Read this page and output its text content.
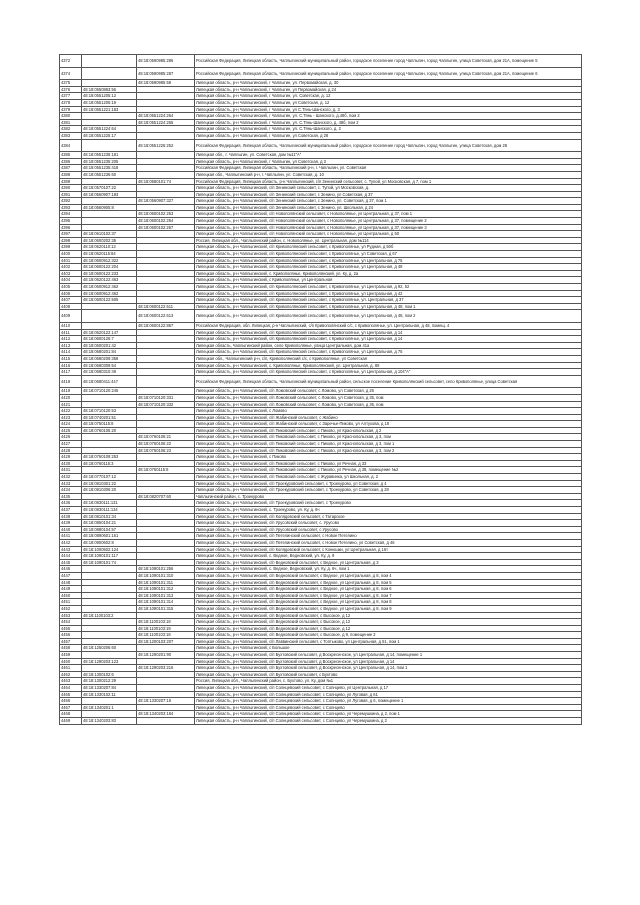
4372		48:18:0590985:286	Российская Федерация, Липецкая область, Чаплыгинский муниципальный район, городское поселение город Чаплыгин, город Чаплыгин, улица Советская, дом 21А, помещение 5
4374		48:18:0590985:287	Российская Федерация, Липецкая область, Чаплыгинский муниципальный район, городское поселение город Чаплыгин, город Чаплыгин, улица Советская, дом 21А, помещение 6
4375		48:18:0590985:58	Липецкая область, р-н Чаплыгинский, г Чаплыгин, ул. Первомайская, д. 30
4376	48:18:0550893:56		Липецкая область, р-н Чаплыгинский, г Чаплыгин, ул Первомайская, д 24
4377	48:18:0551205:12		Липецкая область, р-н Чаплыгинский, г Чаплыгин, ул. Советская, д. 12
4378	48:18:0551205:19		Липецкая область, р-н Чаплыгинский, г Чаплыгин, ул Советская, д. 12
4379	48:18:0551221:183		Липецкая область, р-н Чаплыгинский, г Чаплыгин, ул С.Тянь-Шанского, д. 3
4380		48:18:0551224:264	Липецкая область, р-н Чаплыгинский, г Чаплыгин, ул. С.Тянь - Шанского, д.48б, пом 2
4381		48:18:0551224:265	Липецкая область, р-н Чаплыгинский, г Чаплыгин, ул. С.Тянь-Шанского, д. 48б, пом 2
4382	48:18:0551224:64		Липецкая область, р-н Чаплыгинский, г Чаплыгин, ул. С.Тянь-Шанского, д. 2
4383	48:18:0551225:17		Липецкая область, р-н Чаплыгинский, г Чаплыгин, ул Советская, д 28
4384		48:18:0551225:252	Российская Федерация, Липецкая область, Чаплыгинский муниципальный район, городское поселение город Чаплыгин, город Чаплыгин, улица Советская, дом 28
4385	48:18:0551235:181		Липецкая обл., г. Чаплыгин, ул. Советская, дом №11"А"
4386	48:18:0551235:205		Липецкая область, р-н Чаплыгинский, г Чаплыгин, ул Советская, д 3
4387	48:18:0551235:418		Российская Федерация, Липецкая область, Чаплыгинский р-н, г. Чаплыгин, ул. Советская
4388	48:18:0551236:60		Липецкая обл., Чаплыгинский р-н, г. Чаплыгин, ул. Советская, д. 10
4389		48:18:0580101:74	Российская Федерация, Липецкая область, р-н Чаплыгинский, с/п Зенинский сельсовет, с. Тупой, ул Московская, д 7, пом 1
4390	48:18:0570107:22		Липецкая область, р-н Чаплыгинский, с/п Зенинский сельсовет, с. Тупой, ул Московская, д.
4391	48:18:0560907:193		Липецкая область, р-н Чаплыгинский, с/п Зенинский сельсовет, с Зенино, ул Советская, д 37
4392		48:18:0560907:327	Липецкая область, р-н Чаплыгинский, с/п Зенинский сельсовет, с Зенино, ул. Советская, д 37, пом 1
4393	48:18:0560905:8		Липецкая область, р-н Чаплыгинский, с/п Зенинский сельсовет, с Зенино, ул. Школьная, д 24
4394		48:18:0600102:253	Липецкая область, р-н Чаплыгинский, с/п Новополянский сельсовет, с Новополянье, ул Центральная, д 37, пом 1
4395		48:18:0600102:254	Липецкая область, р-н Чаплыгинский, с/п Новополянский сельсовет, с Новополянье, ул Центральная, д 37, помещение 2
4396		48:18:0600102:257	Липецкая область, р-н Чаплыгинский, с/п Новополянский сельсовет, с Новополянье, ул Центральная, д 37, помещение 3
4397	48:18:0610102:37		Липецкая область, р-н Чаплыгинский, с/п Новополянский сельсовет, с Новополянье, ул Центральная, д 50
4398	48:18:0600202:35		Россия, Липецкая обл., Чаплыгинский район, с. Новополянье, ул. Центральная, дом №114
4399	48:18:0620110:13		Липецкая область, р-н Чаплыгинский, с/п Кривополянский сельсовет, с Кривополянье, ул Рудная, д 50б
4400	48:18:0620115:84		Липецкая область, р-н Чаплыгинский, с/п Кривополянский сельсовет, с Кривополянье, ул Советская, д 67
4401	48:18:0600912:322		Липецкая область, р-н Чаплыгинский, с/п Кривополянский сельсовет, с Кривополянье, ул Центральная, д 75
4402	48:18:0600122:204		Липецкая область, р-н Чаплыгинский, с/п Кривополянский сельсовет, с Кривополянье, ул Центральная, д 48
4403	48:18:0600122:233		Липецкая область, р-н Чаплыгинский, с. Кривополянье, Кривополянский, ул. Ку, д. 2а
4404	48:18:0620122:463		Липецкая область, р-н Чаплыгинский, с Кривополянье, ул Центральная
4405	48:18:0600912:462		Липецкая область, р-н Чаплыгинский, с/п Кривополянский сельсовет, с Кривополянье, ул Центральная, д 92, 52
4406	48:18:0600912:462		Липецкая область, р-н Чаплыгинский, с/п Кривополянский сельсовет, с Кривополянье, ул Центральная, д 42
4407	48:18:0600122:505		Липецкая область, р-н Чаплыгинский, с/п Кривополянский сельсовет, с Кривополянье, ул. Центральная, д 37
4408		48:18:0600122:611	Липецкая область, р-н Чаплыгинский, с/п Кривополянский сельсовет, с Кривополянье, ул Центральная, д 48, пом 1
4409		48:18:0600122:613	Липецкая область, р-н Чаплыгинский, с/п Кривополянский сельсовет, с Кривополянье, ул Центральная, д 48, пом 2
4410		48:18:0600122:867	Российская Федерация, обл. Липецкая, р-н Чаплыгинский, с/п Кривополянский с/с, с Кривополянье, ул. Центральная, д 48, помещ. 4
4411	48:18:0620122:147		Липецкая область, р-н Чаплыгинский, с/п Кривополянский сельсовет, с Кривополянье, ул Центральная, д 14
4412	48:18:0600126:7		Липецкая область, р-н Чаплыгинский, с/п Кривополянский сельсовет, с Кривополянье, ул Центральная, д 14
4413	48:18:0600201:42		Липецкая область, Чаплыгинский район, село Кривополянье, улица Центральная, дом 41а
4414	48:18:0680201:84		Липецкая область, р-н Чаплыгинский, с/п Кривополянский сельсовет, с Кривополянье, ул Центральная, д 75
4415	48:18:0680209:358		Липецкая обл., Чаплыгинский р-н, с/п, Кривополянский с/с, с Кривополянье, ул Советская
4416	48:18:0680309:54		Липецкая область, р-н Чаплыгинский, с. Кривополянье, Кривополянский, ул. Центральная, д. 89
4417	48:18:0680310:49		Липецкая область, р-н Чаплыгинский, с/п Кривополянский сельсовет, с Кривополянье, ул Центральная, д 104"А"
4418	48:18:0680411:447		Российская Федерация, Липецкая область, Чаплыгинский муниципальный район, сельское поселение Кривополянский сельсовет, село Кривополянье, улица Советская
4419	48:18:0710120:245		Липецкая область, р-н Чаплыгинский, с/п Ломовский сельсовет, с Ломово, ул Советская, д 26
4420		48:18:0710120:331	Липецкая область, р-н Чаплыгинский, с/п Ломовский сельсовет, с Ломово, ул Советская, д 35, пом
4421		48:18:0710120:332	Липецкая область, р-н Чаплыгинский, с/п Ломовский сельсовет, с Ломово, ул Советская, д 35, пом
4422	48:18:0710120:53		Липецкая область, р-н Чаплыгинский, с Ломово
4423	48:18:0740201:51		Липецкая область, р-н Чаплыгинский, с/п Жабинский сельсовет, с Жабино
4424	48:18:0750115:8		Липецкая область, р-н Чаплыгинский, с/п Жабинский сельсовет, с Заречье-Пиково, ул Алтухова, д 18
4425	48:18:0760105:20		Липецкая область, р-н Чаплыгинский, с/п Пиковский сельсовет, с Пиково, ул Краснопольская, д 2
4426		48:18:0760106:21	Липецкая область, р-н Чаплыгинский, с/п Пиковский сельсовет, с Пиково, ул Краснопольская, д 3, пом
4427		48:18:0760106:22	Липецкая область, р-н Чаплыгинский, с/п Пиковский сельсовет, с Пиково, ул Краснопольская, д 3, пом 1
4428		48:18:0760106:23	Липецкая область, р-н Чаплыгинский, с/п Пиковский сельсовет, с Пиково, ул Краснопольская, д 3, пом 2
4429	48:18:0760109:253		Липецкая область, р-н Чаплыгинский, с Пиково
4430	48:18:0760115:3		Липецкая область, р-н Чаплыгинский, с/п Пиковский сельсовет, с Пиково, ул Речная, д 33
4431		48:18:0760115:8	Липецкая область, р-н Чаплыгинский, с/п Пиковский сельсовет, с Пиково, ул Речная, д 38, помещение №2
4432	48:18:0770107:12		Липецкая область, р-н Чаплыгинский, с/п Пиковский сельсовет, с Журавинка, ул Школьная, д. 2
4433	48:18:0810301:22		Липецкая область, р-н Чаплыгинский, с/п Троекуровский сельсовет, с Троекурово, ул Советская, д 4
4434	48:18:0810306:20		Липецкая область, р-н Чаплыгинский, с/п Троекуровский сельсовет, с Троекурово, ул Советская, д 28
4435		48:18:0820707:60	Чаплыгинский район, с. Троекурово
4436	48:18:0830111:131		Липецкая область, р-н Чаплыгинский, с/п Троекуровский сельсовет, с Троекурово
4437	48:18:0830111:134		Липецкая область, р-н Чаплыгинский, с. Троекурово, ул. Ку, д. 6ч
4438	48:18:0810101:34		Липецкая область, р-н Чаплыгинский, с/п Колядовский сельсовет, с Татарское
4439	48:18:0850104:21		Липецкая область, р-н Чаплыгинский, с/п Урусовский сельсовет, с. Урусово
4440	48:18:0880104:57		Липецкая область, р-н Чаплыгинский, с/п Урусовский сельсовет, с Урусово
4441	48:18:0890601:161		Липецкая область, р-н Чаплыгинский, с/п Петелинский сельсовет, с Новое Петелино
4442	48:18:0900602:8		Липецкая область, р-н Чаплыгинский, с/п Петелинский сельсовет, с Новое Петелино, ул Советская, д 46
4443	48:18:1000502:124		Липецкая область, р-н Чаплыгинский, с/п Колядовский сельсовет, с Конюшки, ул Центральная, д 16т
4444	48:18:1090101:117		Липецкая область, р-н Чаплыгинский, с. Ведное, Ведновский, ул. Ку, д. 9
4445	48:18:1090101:74		Липецкая область, р-н Чаплыгинский, с/п Ведновский сельсовет, с Ведное, ул Центральная, д 3
4446		48:18:1090101:256	Липецкая область, р-н Чаплыгинский, с. Ведное, Ведновский, ул. Ку, д. 6ч, пом 1
4447		48:18:1090101:310	Липецкая область, р-н Чаплыгинский, с/п Ведновский сельсовет, с Ведное, ул Центральная, д 8, пом 4
4448		48:18:1090101:311	Липецкая область, р-н Чаплыгинский, с/п Ведновский сельсовет, с Ведное, ул Центральная, д 8, пом 5
4449		48:18:1090101:312	Липецкая область, р-н Чаплыгинский, с/п Ведновский сельсовет, с Ведное, ул Центральная, д 8, пом 6
4450		48:18:1090101:313	Липецкая область, р-н Чаплыгинский, с/п Ведновский сельсовет, с Ведное, ул Центральная, д 8, пом 7
4451		48:18:1090101:314	Липецкая область, р-н Чаплыгинский, с/п Ведновский сельсовет, с Ведное, ул Центральная, д 8, пом 8
4452		48:18:1090101:315	Липецкая область, р-н Чаплыгинский, с/п Ведновский сельсовет, с Ведное, ул Центральная, д 8, пом 9
4453	48:18:1100103:2		Липецкая область, р-н Чаплыгинский, с/п Ведновский сельсовет, с Высокое, д 12
4454		48:18:1100103:18	Липецкая область, р-н Чаплыгинский, с/п Ведновский сельсовет, с Высокое, д 12
4455		48:18:1100103:19	Липецкая область, р-н Чаплыгинский, с/п Ведновский сельсовет, с Высокое, д 12
4456		48:18:1100103:18	Липецкая область, р-н Чаплыгинский, с/п Ведновский сельсовет, с Высокое, д 9, помещение 2
4457		48:18:1200103:207	Липецкая область, р-н Чаплыгинский, с/п Лаввинский сельсовет, с Топтыково, ул Центральная, д 51, пом 1
4458	48:18:1250206:60		Липецкая область, р-н Чаплыгинский, с Большое
4459		48:18:1290201:90	Липецкая область, р-н Чаплыгинский, с/п Бухтовский сельсовет, д Воскресенское, ул Центральная, д 14, помещение 1
4460	48:18:1290203:123		Липецкая область, р-н Чаплыгинский, с/п Бухтовский сельсовет, д Воскресенское, ул Центральная, д 14
4461		48:18:1290203:216	Липецкая область, р-н Чаплыгинский, с/п Бухтовский сельсовет, д Воскресенское, ул Центральная, д 14, пом 1
4462	48:18:1300102:6		Липецкая область, р-н Чаплыгинский, с/п Бухтовский сельсовет, с Бухтово
4463	48:18:1300212:29		Россия, Липецкая обл., Чаплыгинский район, с. Бухтово, ул. Ку, дом №1
4464	48:18:1330207:84		Липецкая область, р-н Чаплыгинский, с/п Солнцевский сельсовет, с Солнцево, ул Центральная, д 17
4465	48:18:1330102:11		Липецкая область, р-н Чаплыгинский, с/п Солнцевский сельсовет, с Солнцево, ул Луговая, д 61
4466		48:18:1330207:19	Липецкая область, р-н Чаплыгинский, с/п Солнцевский сельсовет, с Солнцево, ул Луговая, д 6, помещение 1
4467	48:18:1340201:1		Липецкая область, р-н Чаплыгинский, с/п Солнцевский сельсовет, с Солнцево
4468		48:18:1340203:184	Липецкая область, р-н Чаплыгинский, с/п Солнцевский сельсовет, с Солнцево, ул Черемушкина, д 2, пом 1
4469	48:18:1340203:83		Липецкая область, р-н Чаплыгинский, с/п Солнцевский сельсовет, с Солнцево, ул Черемушкина, д 2
